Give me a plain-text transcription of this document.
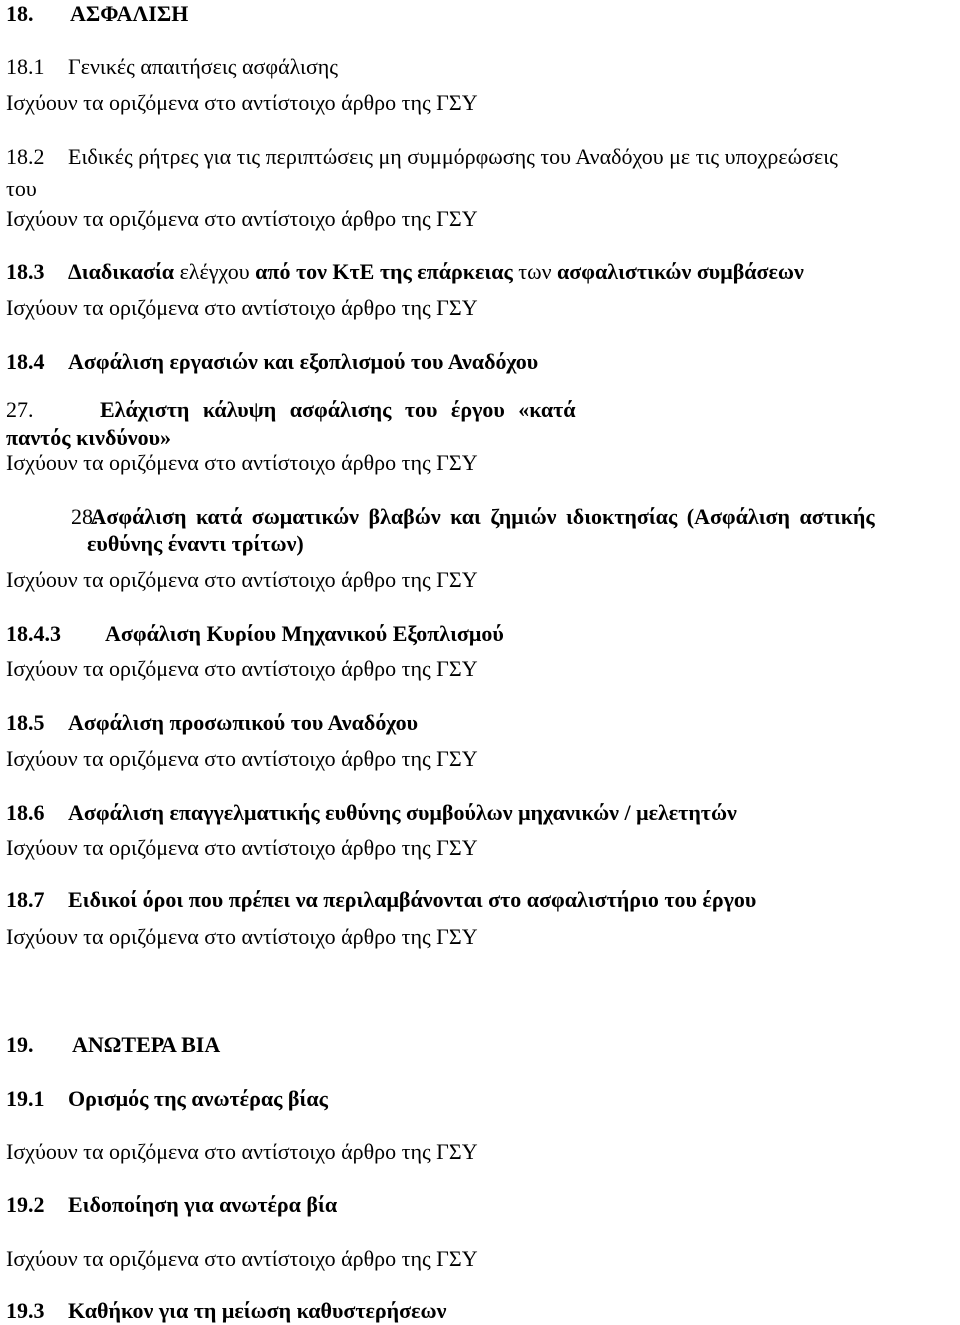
18. ΑΣΦΑΛΙΣΗ
18.1 Γενικές απαιτήσεις ασφάλισης
Ισχύουν τα οριζόμενα στο αντίστοιχο άρθρο της ΓΣΥ
18.2 Ειδικές ρήτρες για τις περιπτώσεις μη συμμόρφωσης του Αναδόχου με τις υποχρεώσεις
του
Ισχύουν τα οριζόμενα στο αντίστοιχο άρθρο της ΓΣΥ
18.3 Διαδικασία ελέγχου από τον ΚτΕ της επάρκειας των ασφαλιστικών συμβάσεων
Ισχύουν τα οριζόμενα στο αντίστοιχο άρθρο της ΓΣΥ
18.4 Ασφάλιση εργασιών και εξοπλισμού του Αναδόχου
27.	Ελάχιστη κάλυψη ασφάλισης του έργου «κατά
παντός κινδύνου»
Ισχύουν τα οριζόμενα στο αντίστοιχο άρθρο της ΓΣΥ
28. Ασφάλιση κατά σωματικών βλαβών και ζημιών ιδιοκτησίας (Ασφάλιση αστικής
ευθύνης έναντι τρίτων)
Ισχύουν τα οριζόμενα στο αντίστοιχο άρθρο της ΓΣΥ
18.4.3 Ασφάλιση Κυρίου Μηχανικού Εξοπλισμού
Ισχύουν τα οριζόμενα στο αντίστοιχο άρθρο της ΓΣΥ
18.5 Ασφάλιση προσωπικού του Αναδόχου
Ισχύουν τα οριζόμενα στο αντίστοιχο άρθρο της ΓΣΥ
18.6 Ασφάλιση επαγγελματικής ευθύνης συμβούλων μηχανικών / μελετητών
Ισχύουν τα οριζόμενα στο αντίστοιχο άρθρο της ΓΣΥ
18.7 Ειδικοί όροι που πρέπει να περιλαμβάνονται στο ασφαλιστήριο του έργου
Ισχύουν τα οριζόμενα στο αντίστοιχο άρθρο της ΓΣΥ
19. ΑΝΩΤΕΡΑ ΒΙΑ
19.1 Ορισμός της ανωτέρας βίας
Ισχύουν τα οριζόμενα στο αντίστοιχο άρθρο της ΓΣΥ
19.2 Ειδοποίηση για ανωτέρα βία
Ισχύουν τα οριζόμενα στο αντίστοιχο άρθρο της ΓΣΥ
19.3 Καθήκον για τη μείωση καθυστερήσεων
